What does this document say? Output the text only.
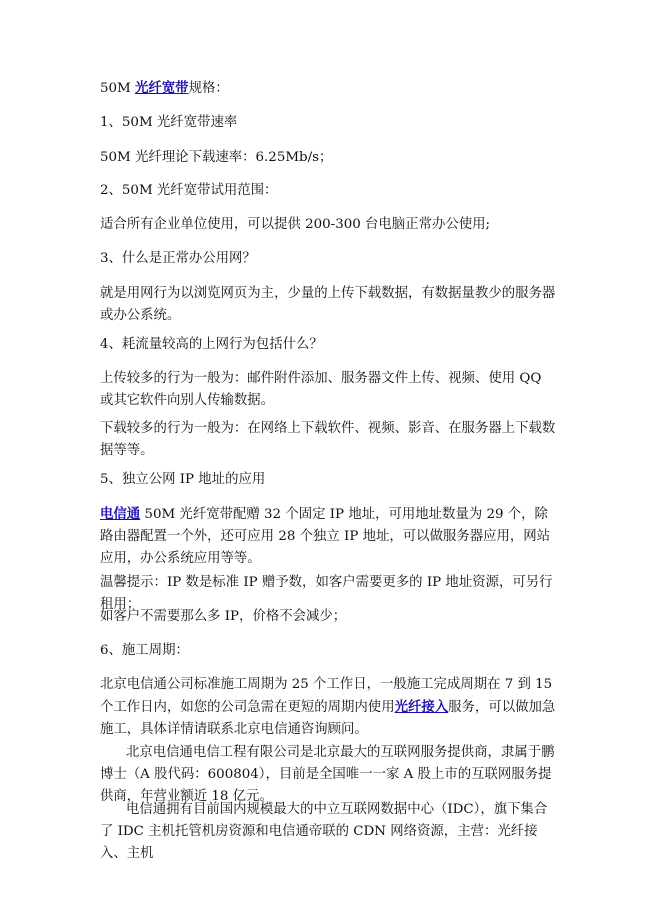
50M 光纤宽带规格：

1、50M 光纤宽带速率

50M 光纤理论下载速率：6.25Mb/s；

2、50M 光纤宽带试用范围：

适合所有企业单位使用，可以提供 200-300 台电脑正常办公使用;

3、什么是正常办公用网？

就是用网行为以浏览网页为主，少量的上传下载数据，有数据量教少的服务器或办公系统。

4、耗流量较高的上网行为包括什么？

上传较多的行为一般为：邮件附件添加、服务器文件上传、视频、使用 QQ 或其它软件向别人传输数据。

下载较多的行为一般为：在网络上下载软件、视频、影音、在服务器上下载数据等等。

5、独立公网 IP 地址的应用

电信通 50M 光纤宽带配赠 32 个固定 IP 地址，可用地址数量为 29 个，除路由器配置一个外，还可应用 28 个独立 IP 地址，可以做服务器应用，网站应用，办公系统应用等等。

温馨提示：IP 数是标准 IP 赠予数，如客户需要更多的 IP 地址资源，可另行租用；

如客户不需要那么多 IP，价格不会减少；

6、施工周期：

北京电信通公司标准施工周期为 25 个工作日，一般施工完成周期在 7 到 15 个工作日内，如您的公司急需在更短的周期内使用光纤接入服务，可以做加急施工，具体详情请联系北京电信通咨询顾问。

北京电信通电信工程有限公司是北京最大的互联网服务提供商，隶属于鹏博士（A 股代码：600804），目前是全国唯一一家 A 股上市的互联网服务提供商，年营业额近 18 亿元。

电信通拥有目前国内规模最大的中立互联网数据中心（IDC），旗下集合了 IDC 主机托管机房资源和电信通帝联的 CDN 网络资源，主营：光纤接入、主机
